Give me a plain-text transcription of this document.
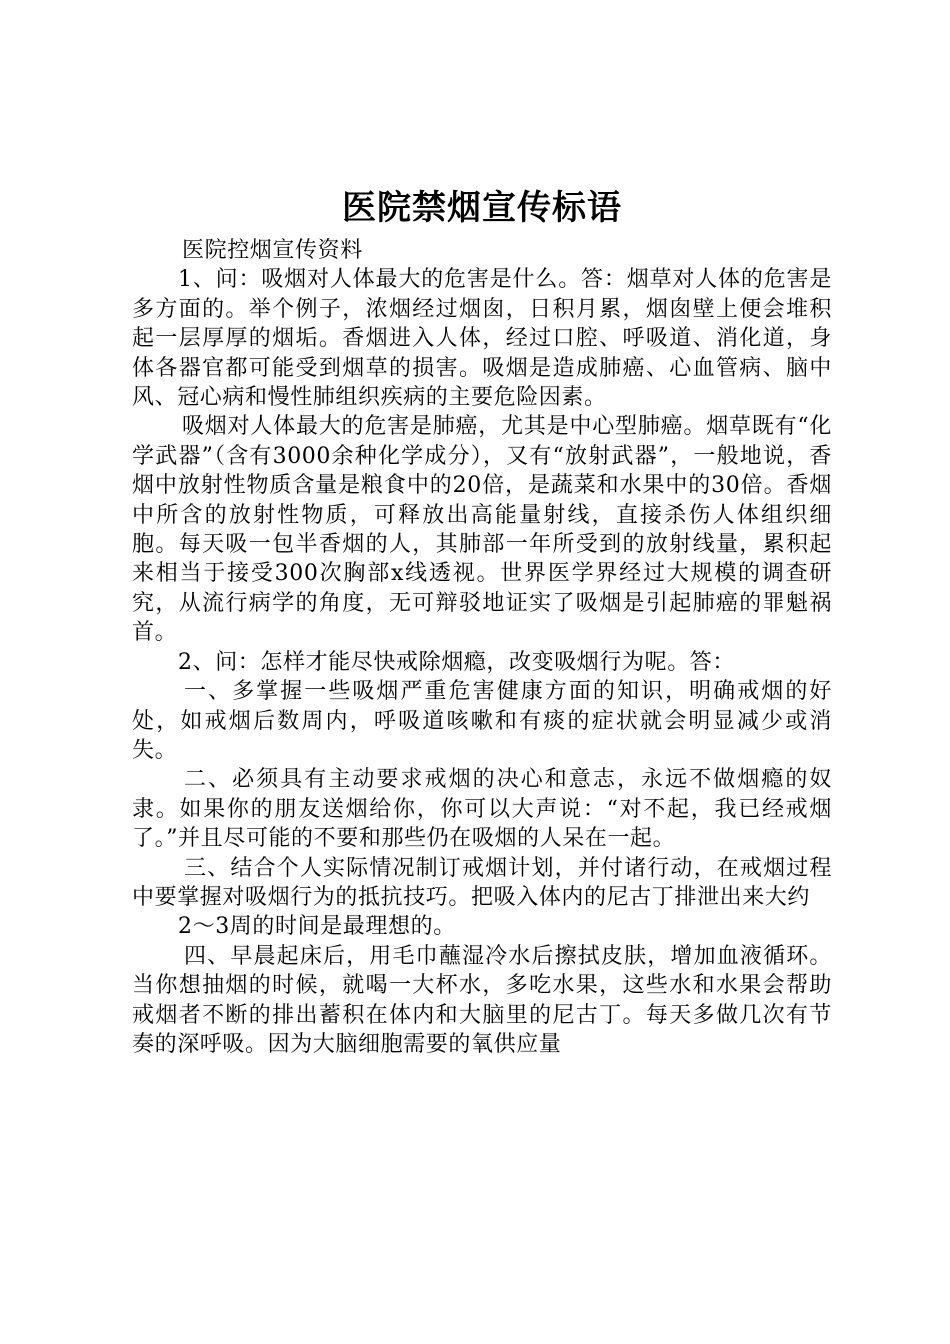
医院禁烟宣传标语

医院控烟宣传资料

1、问：吸烟对人体最大的危害是什么。答：烟草对人体的危害是多方面的。举个例子，浓烟经过烟囱，日积月累，烟囱壁上便会堆积起一层厚厚的烟垢。香烟进入人体，经过口腔、呼吸道、消化道，身体各器官都可能受到烟草的损害。吸烟是造成肺癌、心血管病、脑中风、冠心病和慢性肺组织疾病的主要危险因素。

吸烟对人体最大的危害是肺癌，尤其是中心型肺癌。烟草既有“化学武器”（含有3000余种化学成分），又有“放射武器”，一般地说，香烟中放射性物质含量是粮食中的20倍，是蔬菜和水果中的30倍。香烟中所含的放射性物质，可释放出高能量射线，直接杀伤人体组织细胞。每天吸一包半香烟的人，其肺部一年所受到的放射线量，累积起来相当于接受300次胸部x线透视。世界医学界经过大规模的调查研究，从流行病学的角度，无可辩驳地证实了吸烟是引起肺癌的罪魁祸首。

2、问：怎样才能尽快戒除烟瘾，改变吸烟行为呢。答：

一、多掌握一些吸烟严重危害健康方面的知识，明确戒烟的好处，如戒烟后数周内，呼吸道咳嗽和有痰的症状就会明显减少或消失。

二、必须具有主动要求戒烟的决心和意志，永远不做烟瘾的奴隶。如果你的朋友送烟给你，你可以大声说：“对不起，我已经戒烟了。”并且尽可能的不要和那些仍在吸烟的人呆在一起。

三、结合个人实际情况制订戒烟计划，并付诸行动，在戒烟过程中要掌握对吸烟行为的抵抗技巧。把吸入体内的尼古丁排泄出来大约

2～3周的时间是最理想的。

四、早晨起床后，用毛巾蘸湿冷水后擦拭皮肤，增加血液循环。当你想抽烟的时候，就喝一大杯水，多吃水果，这些水和水果会帮助戒烟者不断的排出蓄积在体内和大脑里的尼古丁。每天多做几次有节奏的深呼吸。因为大脑细胞需要的氧供应量
